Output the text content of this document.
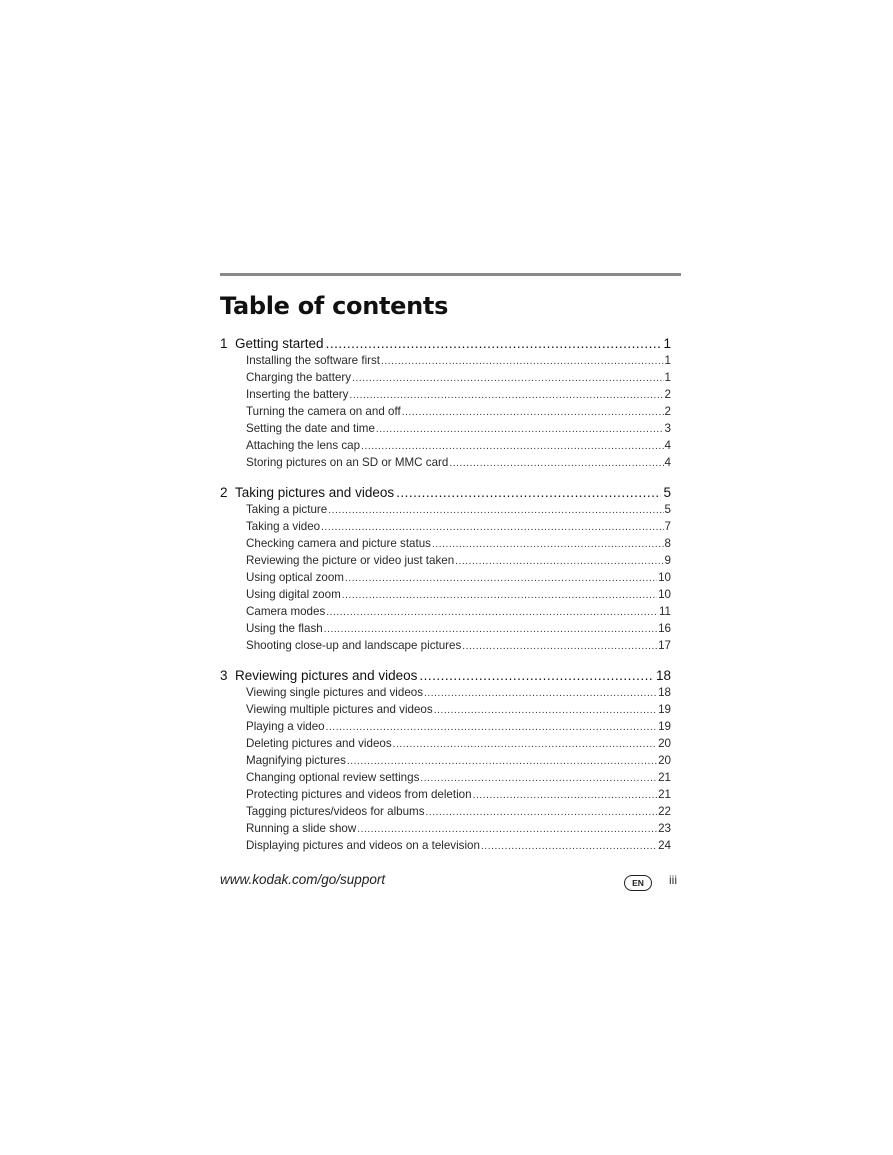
Table of contents
1 Getting started .....	1
Installing the software first .....	1
Charging the battery .....	1
Inserting the battery .....	2
Turning the camera on and off .....	2
Setting the date and time .....	3
Attaching the lens cap .....	4
Storing pictures on an SD or MMC card .....	4
2 Taking pictures and videos .....	5
Taking a picture .....	5
Taking a video .....	7
Checking camera and picture status .....	8
Reviewing the picture or video just taken .....	9
Using optical zoom .....	10
Using digital zoom .....	10
Camera modes .....	11
Using the flash .....	16
Shooting close-up and landscape pictures .....	17
3 Reviewing pictures and videos .....	18
Viewing single pictures and videos .....	18
Viewing multiple pictures and videos .....	19
Playing a video .....	19
Deleting pictures and videos .....	20
Magnifying pictures .....	20
Changing optional review settings .....	21
Protecting pictures and videos from deletion .....	21
Tagging pictures/videos for albums .....	22
Running a slide show .....	23
Displaying pictures and videos on a television .....	24
www.kodak.com/go/support	EN	iii
